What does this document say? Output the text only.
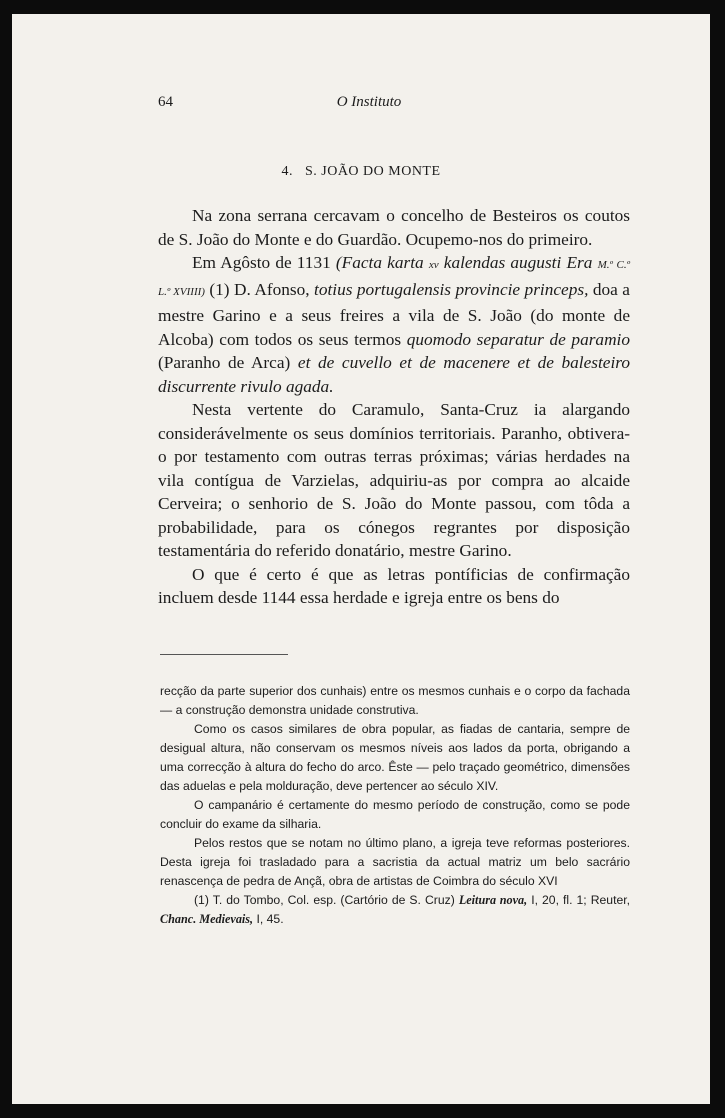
64	O Instituto
4. S. JOÃO DO MONTE

Na zona serrana cercavam o concelho de Besteiros os coutos de S. João do Monte e do Guardão. Ocupemo-nos do primeiro.

Em Agôsto de 1131 (Facta karta xv kalendas augusti Era M.º C.º L.º XVIIII) (1) D. Afonso, totius portugalensis provincie princeps, doa a mestre Garino e a seus freires a vila de S. João (do monte de Alcoba) com todos os seus termos quomodo separatur de paramio (Paranho de Arca) et de cuvello et de macenere et de balesteiro discurrente rivulo agada.

Nesta vertente do Caramulo, Santa-Cruz ia alargando considerávelmente os seus domínios territoriais. Paranho, obtivera-o por testamento com outras terras próximas; várias herdades na vila contígua de Varzielas, adquiriu-as por compra ao alcaide Cerveira; o senhorio de S. João do Monte passou, com tôda a probabilidade, para os cónegos regrantes por disposição testamentária do referido donatário, mestre Garino.

O que é certo é que as letras pontíficias de confirmação incluem desde 1144 essa herdade e igreja entre os bens do

recção da parte superior dos cunhais) entre os mesmos cunhais e o corpo da fachada — a construção demonstra unidade construtiva.

Como os casos similares de obra popular, as fiadas de cantaria, sempre de desigual altura, não conservam os mesmos níveis aos lados da porta, obrigando a uma correcção à altura do fecho do arco. Êste — pelo traçado geométrico, dimensões das aduelas e pela molduração, deve pertencer ao século XIV.

O campanário é certamente do mesmo período de construção, como se pode concluir do exame da silharia.

Pelos restos que se notam no último plano, a igreja teve reformas posteriores. Desta igreja foi trasladado para a sacristia da actual matriz um belo sacrário renascença de pedra de Ançã, obra de artistas de Coimbra do século XVI

(1) T. do Tombo, Col. esp. (Cartório de S. Cruz) Leitura nova, I, 20, fl. 1; Reuter, Chanc. Medievais, I, 45.
